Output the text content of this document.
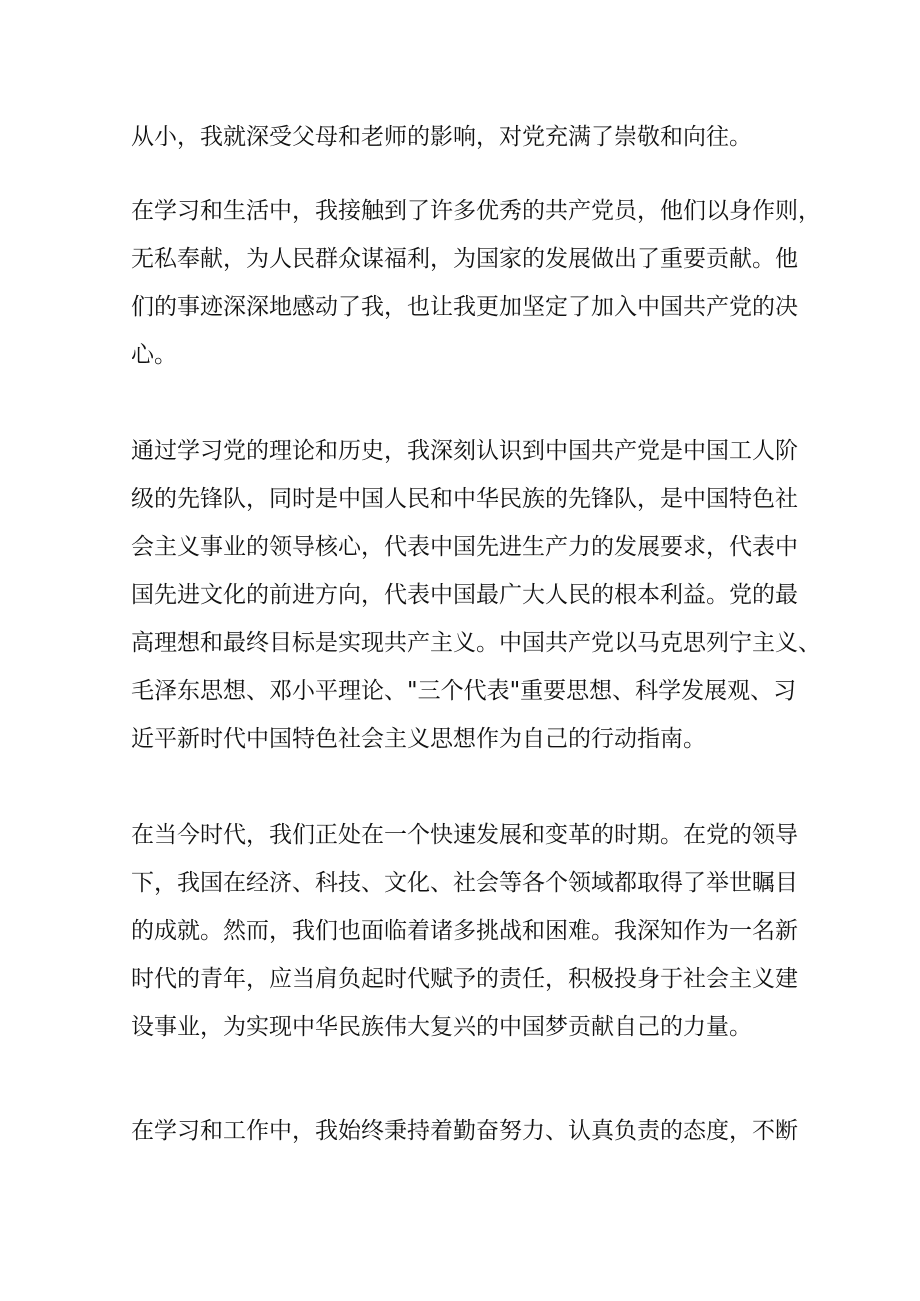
从小，我就深受父母和老师的影响，对党充满了崇敬和向往。

在学习和生活中，我接触到了许多优秀的共产党员，他们以身作则，

无私奉献，为人民群众谋福利，为国家的发展做出了重要贡献。他

们的事迹深深地感动了我，也让我更加坚定了加入中国共产党的决

心。

通过学习党的理论和历史，我深刻认识到中国共产党是中国工人阶

级的先锋队，同时是中国人民和中华民族的先锋队，是中国特色社

会主义事业的领导核心，代表中国先进生产力的发展要求，代表中

国先进文化的前进方向，代表中国最广大人民的根本利益。党的最

高理想和最终目标是实现共产主义。中国共产党以马克思列宁主义、

毛泽东思想、邓小平理论、"三个代表"重要思想、科学发展观、习

近平新时代中国特色社会主义思想作为自己的行动指南。

在当今时代，我们正处在一个快速发展和变革的时期。在党的领导

下，我国在经济、科技、文化、社会等各个领域都取得了举世瞩目

的成就。然而，我们也面临着诸多挑战和困难。我深知作为一名新

时代的青年，应当肩负起时代赋予的责任，积极投身于社会主义建

设事业，为实现中华民族伟大复兴的中国梦贡献自己的力量。

在学习和工作中，我始终秉持着勤奋努力、认真负责的态度，不断
